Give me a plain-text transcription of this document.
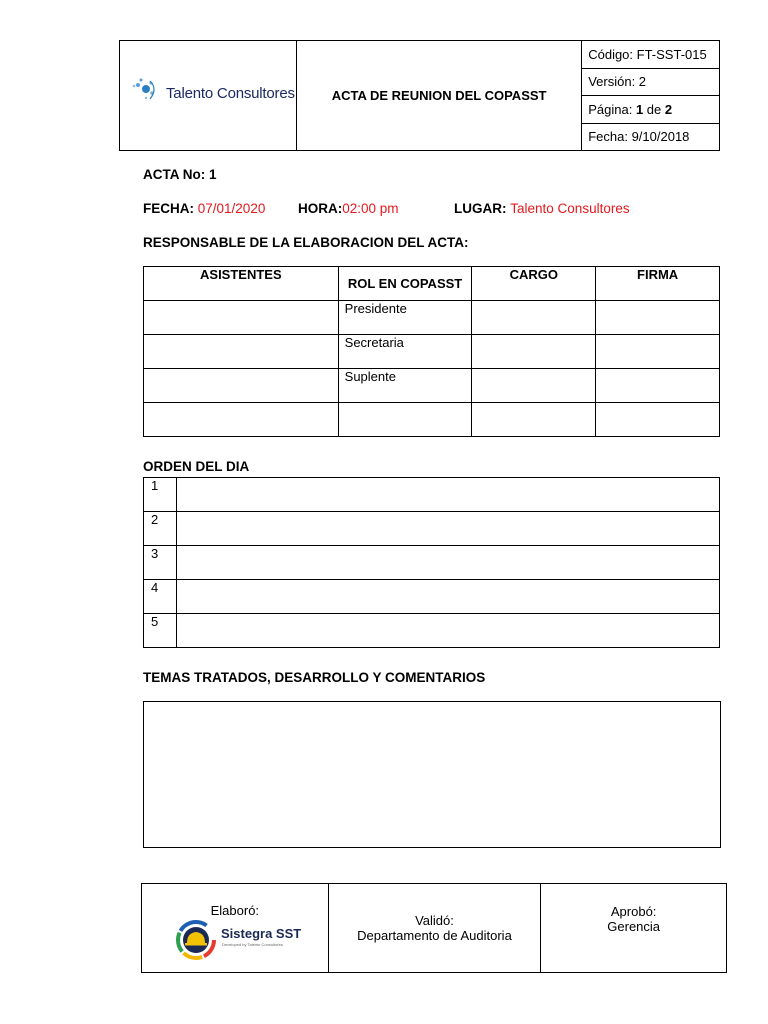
Talento Consultores	ACTA DE REUNION DEL COPASST	Código: FT-SST-015
Versión: 2
Página: 1 de 2
Fecha: 9/10/2018
ACTA No: 1
FECHA: 07/01/2020 HORA:02:00 pm	LUGAR: Talento Consultores
RESPONSABLE DE LA ELABORACION DEL ACTA:
ASISTENTES	ROL EN COPASST	CARGO	FIRMA
	Presidente		
	Secretaria		
	Suplente		

ORDEN DEL DIA
1	
2	
3	
4	
5	
TEMAS TRATADOS, DESARROLLO Y COMENTARIOS
Elaboró:
Sistegra SST
Developed by Talento Consultores

Validó:
Departamento de Auditoria

Aprobó:
Gerencia
